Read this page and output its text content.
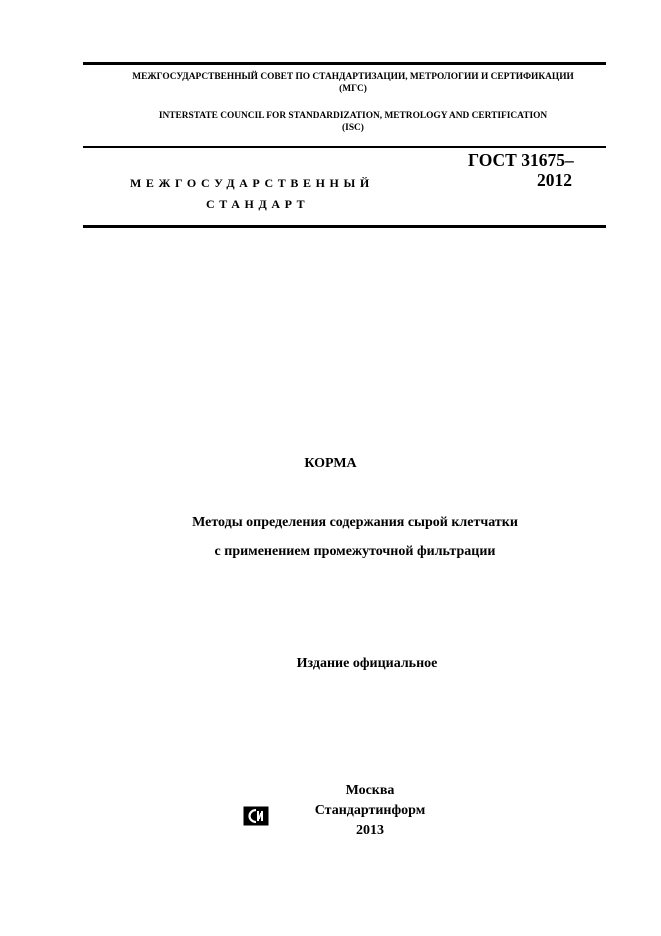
МЕЖГОСУДАРСТВЕННЫЙ СОВЕТ ПО СТАНДАРТИЗАЦИИ, МЕТРОЛОГИИ И СЕРТИФИКАЦИИ
(МГС)
INTERSTATE COUNCIL FOR STANDARDIZATION, METROLOGY AND CERTIFICATION
(ISC)
МЕЖГОСУДАРСТВЕННЫЙ
СТАНДАРТ
ГОСТ 31675–
2012
КОРМА
Методы определения содержания сырой клетчатки
с применением промежуточной фильтрации
Издание официальное
Москва
Стандартинформ
2013
